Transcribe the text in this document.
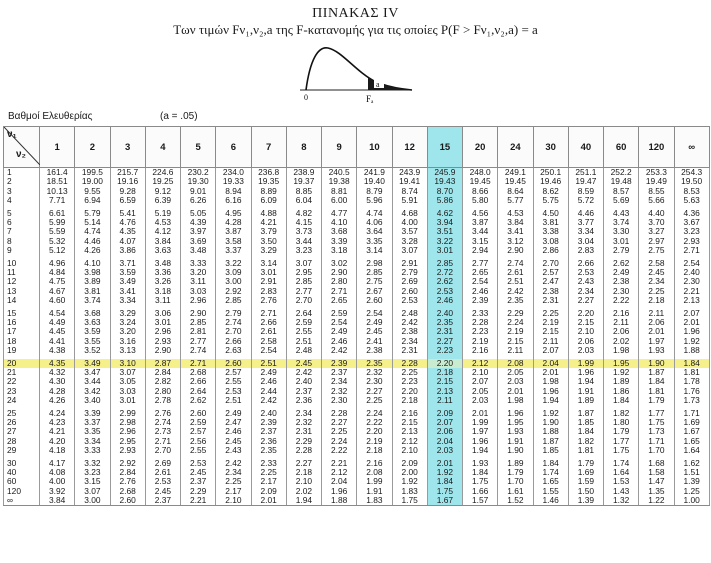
ΠΙΝΑΚΑΣ IV
Των τιμών Fν₁,ν₂,a της F-κατανομής για τις οποίες P(F > Fν₁,ν₂,a) = a
a
0	Fₐ
Βαθμοί Ελευθερίας	(a = .05)
ν₁
ν₂	1	2	3	4	5	6	7	8	9	10	12	15	20	24	30	40	60	120	∞
1	161.4	199.5	215.7	224.6	230.2	234.0	236.8	238.9	240.5	241.9	243.9	245.9	248.0	249.1	250.1	251.1	252.2	253.3	254.3
2	18.51	19.00	19.16	19.25	19.30	19.33	19.35	19.37	19.38	19.40	19.41	19.43	19.45	19.45	19.46	19.47	19.48	19.49	19.50
3	10.13	9.55	9.28	9.12	9.01	8.94	8.89	8.85	8.81	8.79	8.74	8.70	8.66	8.64	8.62	8.59	8.57	8.55	8.53
4	7.71	6.94	6.59	6.39	6.26	6.16	6.09	6.04	6.00	5.96	5.91	5.86	5.80	5.77	5.75	5.72	5.69	5.66	5.63

5	6.61	5.79	5.41	5.19	5.05	4.95	4.88	4.82	4.77	4.74	4.68	4.62	4.56	4.53	4.50	4.46	4.43	4.40	4.36
6	5.99	5.14	4.76	4.53	4.39	4.28	4.21	4.15	4.10	4.06	4.00	3.94	3.87	3.84	3.81	3.77	3.74	3.70	3.67
7	5.59	4.74	4.35	4.12	3.97	3.87	3.79	3.73	3.68	3.64	3.57	3.51	3.44	3.41	3.38	3.34	3.30	3.27	3.23
8	5.32	4.46	4.07	3.84	3.69	3.58	3.50	3.44	3.39	3.35	3.28	3.22	3.15	3.12	3.08	3.04	3.01	2.97	2.93
9	5.12	4.26	3.86	3.63	3.48	3.37	3.29	3.23	3.18	3.14	3.07	3.01	2.94	2.90	2.86	2.83	2.79	2.75	2.71

10	4.96	4.10	3.71	3.48	3.33	3.22	3.14	3.07	3.02	2.98	2.91	2.85	2.77	2.74	2.70	2.66	2.62	2.58	2.54
11	4.84	3.98	3.59	3.36	3.20	3.09	3.01	2.95	2.90	2.85	2.79	2.72	2.65	2.61	2.57	2.53	2.49	2.45	2.40
12	4.75	3.89	3.49	3.26	3.11	3.00	2.91	2.85	2.80	2.75	2.69	2.62	2.54	2.51	2.47	2.43	2.38	2.34	2.30
13	4.67	3.81	3.41	3.18	3.03	2.92	2.83	2.77	2.71	2.67	2.60	2.53	2.46	2.42	2.38	2.34	2.30	2.25	2.21
14	4.60	3.74	3.34	3.11	2.96	2.85	2.76	2.70	2.65	2.60	2.53	2.46	2.39	2.35	2.31	2.27	2.22	2.18	2.13

15	4.54	3.68	3.29	3.06	2.90	2.79	2.71	2.64	2.59	2.54	2.48	2.40	2.33	2.29	2.25	2.20	2.16	2.11	2.07
16	4.49	3.63	3.24	3.01	2.85	2.74	2.66	2.59	2.54	2.49	2.42	2.35	2.28	2.24	2.19	2.15	2.11	2.06	2.01
17	4.45	3.59	3.20	2.96	2.81	2.70	2.61	2.55	2.49	2.45	2.38	2.31	2.23	2.19	2.15	2.10	2.06	2.01	1.96
18	4.41	3.55	3.16	2.93	2.77	2.66	2.58	2.51	2.46	2.41	2.34	2.27	2.19	2.15	2.11	2.06	2.02	1.97	1.92
19	4.38	3.52	3.13	2.90	2.74	2.63	2.54	2.48	2.42	2.38	2.31	2.23	2.16	2.11	2.07	2.03	1.98	1.93	1.88

20	4.35	3.49	3.10	2.87	2.71	2.60	2.51	2.45	2.39	2.35	2.28	2.20	2.12	2.08	2.04	1.99	1.95	1.90	1.84
21	4.32	3.47	3.07	2.84	2.68	2.57	2.49	2.42	2.37	2.32	2.25	2.18	2.10	2.05	2.01	1.96	1.92	1.87	1.81
22	4.30	3.44	3.05	2.82	2.66	2.55	2.46	2.40	2.34	2.30	2.23	2.15	2.07	2.03	1.98	1.94	1.89	1.84	1.78
23	4.28	3.42	3.03	2.80	2.64	2.53	2.44	2.37	2.32	2.27	2.20	2.13	2.05	2.01	1.96	1.91	1.86	1.81	1.76
24	4.26	3.40	3.01	2.78	2.62	2.51	2.42	2.36	2.30	2.25	2.18	2.11	2.03	1.98	1.94	1.89	1.84	1.79	1.73

25	4.24	3.39	2.99	2.76	2.60	2.49	2.40	2.34	2.28	2.24	2.16	2.09	2.01	1.96	1.92	1.87	1.82	1.77	1.71
26	4.23	3.37	2.98	2.74	2.59	2.47	2.39	2.32	2.27	2.22	2.15	2.07	1.99	1.95	1.90	1.85	1.80	1.75	1.69
27	4.21	3.35	2.96	2.73	2.57	2.46	2.37	2.31	2.25	2.20	2.13	2.06	1.97	1.93	1.88	1.84	1.79	1.73	1.67
28	4.20	3.34	2.95	2.71	2.56	2.45	2.36	2.29	2.24	2.19	2.12	2.04	1.96	1.91	1.87	1.82	1.77	1.71	1.65
29	4.18	3.33	2.93	2.70	2.55	2.43	2.35	2.28	2.22	2.18	2.10	2.03	1.94	1.90	1.85	1.81	1.75	1.70	1.64

30	4.17	3.32	2.92	2.69	2.53	2.42	2.33	2.27	2.21	2.16	2.09	2.01	1.93	1.89	1.84	1.79	1.74	1.68	1.62
40	4.08	3.23	2.84	2.61	2.45	2.34	2.25	2.18	2.12	2.08	2.00	1.92	1.84	1.79	1.74	1.69	1.64	1.58	1.51
60	4.00	3.15	2.76	2.53	2.37	2.25	2.17	2.10	2.04	1.99	1.92	1.84	1.75	1.70	1.65	1.59	1.53	1.47	1.39
120	3.92	3.07	2.68	2.45	2.29	2.17	2.09	2.02	1.96	1.91	1.83	1.75	1.66	1.61	1.55	1.50	1.43	1.35	1.25
∞	3.84	3.00	2.60	2.37	2.21	2.10	2.01	1.94	1.88	1.83	1.75	1.67	1.57	1.52	1.46	1.39	1.32	1.22	1.00
